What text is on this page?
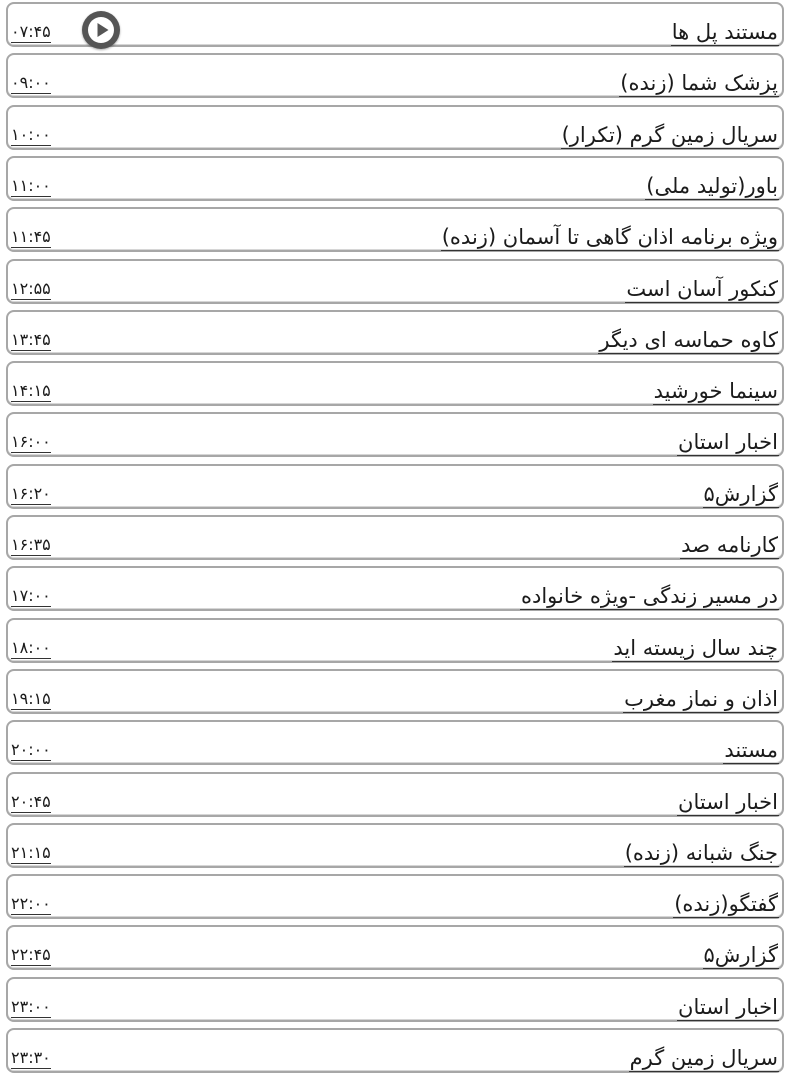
مستند پل ها
۰۷:۴۵
پزشک شما (زنده)
۰۹:۰۰
سریال زمین گرم (تکرار)
۱۰:۰۰
باور(تولید ملی)
۱۱:۰۰
ویژه برنامه اذان گاهی تا آسمان (زنده)
۱۱:۴۵
کنکور آسان است
۱۲:۵۵
کاوه حماسه ای دیگر
۱۳:۴۵
سینما خورشید
۱۴:۱۵
اخبار استان
۱۶:۰۰
گزارش۵
۱۶:۲۰
کارنامه صد
۱۶:۳۵
در مسیر زندگی -ویژه خانواده
۱۷:۰۰
چند سال زیسته اید
۱۸:۰۰
اذان و نماز مغرب
۱۹:۱۵
مستند
۲۰:۰۰
اخبار استان
۲۰:۴۵
جنگ شبانه (زنده)
۲۱:۱۵
گفتگو(زنده)
۲۲:۰۰
گزارش۵
۲۲:۴۵
اخبار استان
۲۳:۰۰
سریال زمین گرم
۲۳:۳۰
